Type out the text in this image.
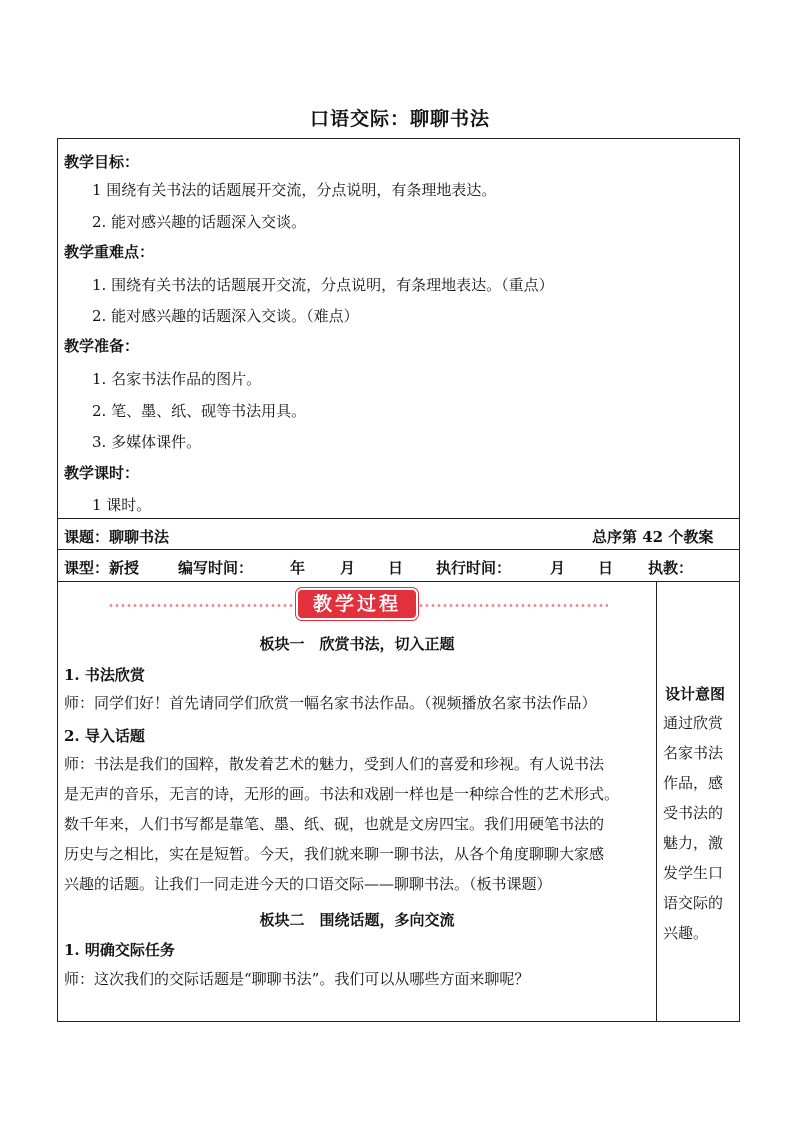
口语交际：聊聊书法
教学目标：
1 围绕有关书法的话题展开交流，分点说明，有条理地表达。
2. 能对感兴趣的话题深入交谈。
教学重难点：
1. 围绕有关书法的话题展开交流，分点说明，有条理地表达。（重点）
2. 能对感兴趣的话题深入交谈。（难点）
教学准备：
1. 名家书法作品的图片。
2. 笔、墨、纸、砚等书法用具。
3. 多媒体课件。
教学课时：
1 课时。
课题：聊聊书法	总序第 42 个教案
课型：新授	编写时间： 年 月 日 执行时间：	月 日 执教：
教学过程
板块一　欣赏书法，切入正题
1. 书法欣赏
师：同学们好！首先请同学们欣赏一幅名家书法作品。（视频播放名家书法作品）
2. 导入话题
师：书法是我们的国粹，散发着艺术的魅力，受到人们的喜爱和珍视。有人说书法
是无声的音乐，无言的诗，无形的画。书法和戏剧一样也是一种综合性的艺术形式。
数千年来，人们书写都是靠笔、墨、纸、砚，也就是文房四宝。我们用硬笔书法的
历史与之相比，实在是短暂。今天，我们就来聊一聊书法，从各个角度聊聊大家感
兴趣的话题。让我们一同走进今天的口语交际——聊聊书法。（板书课题）
板块二　围绕话题，多向交流
1. 明确交际任务
师：这次我们的交际话题是“聊聊书法”。我们可以从哪些方面来聊呢？
设计意图
通过欣赏
名家书法
作品，感
受书法的
魅力，激
发学生口
语交际的
兴趣。
